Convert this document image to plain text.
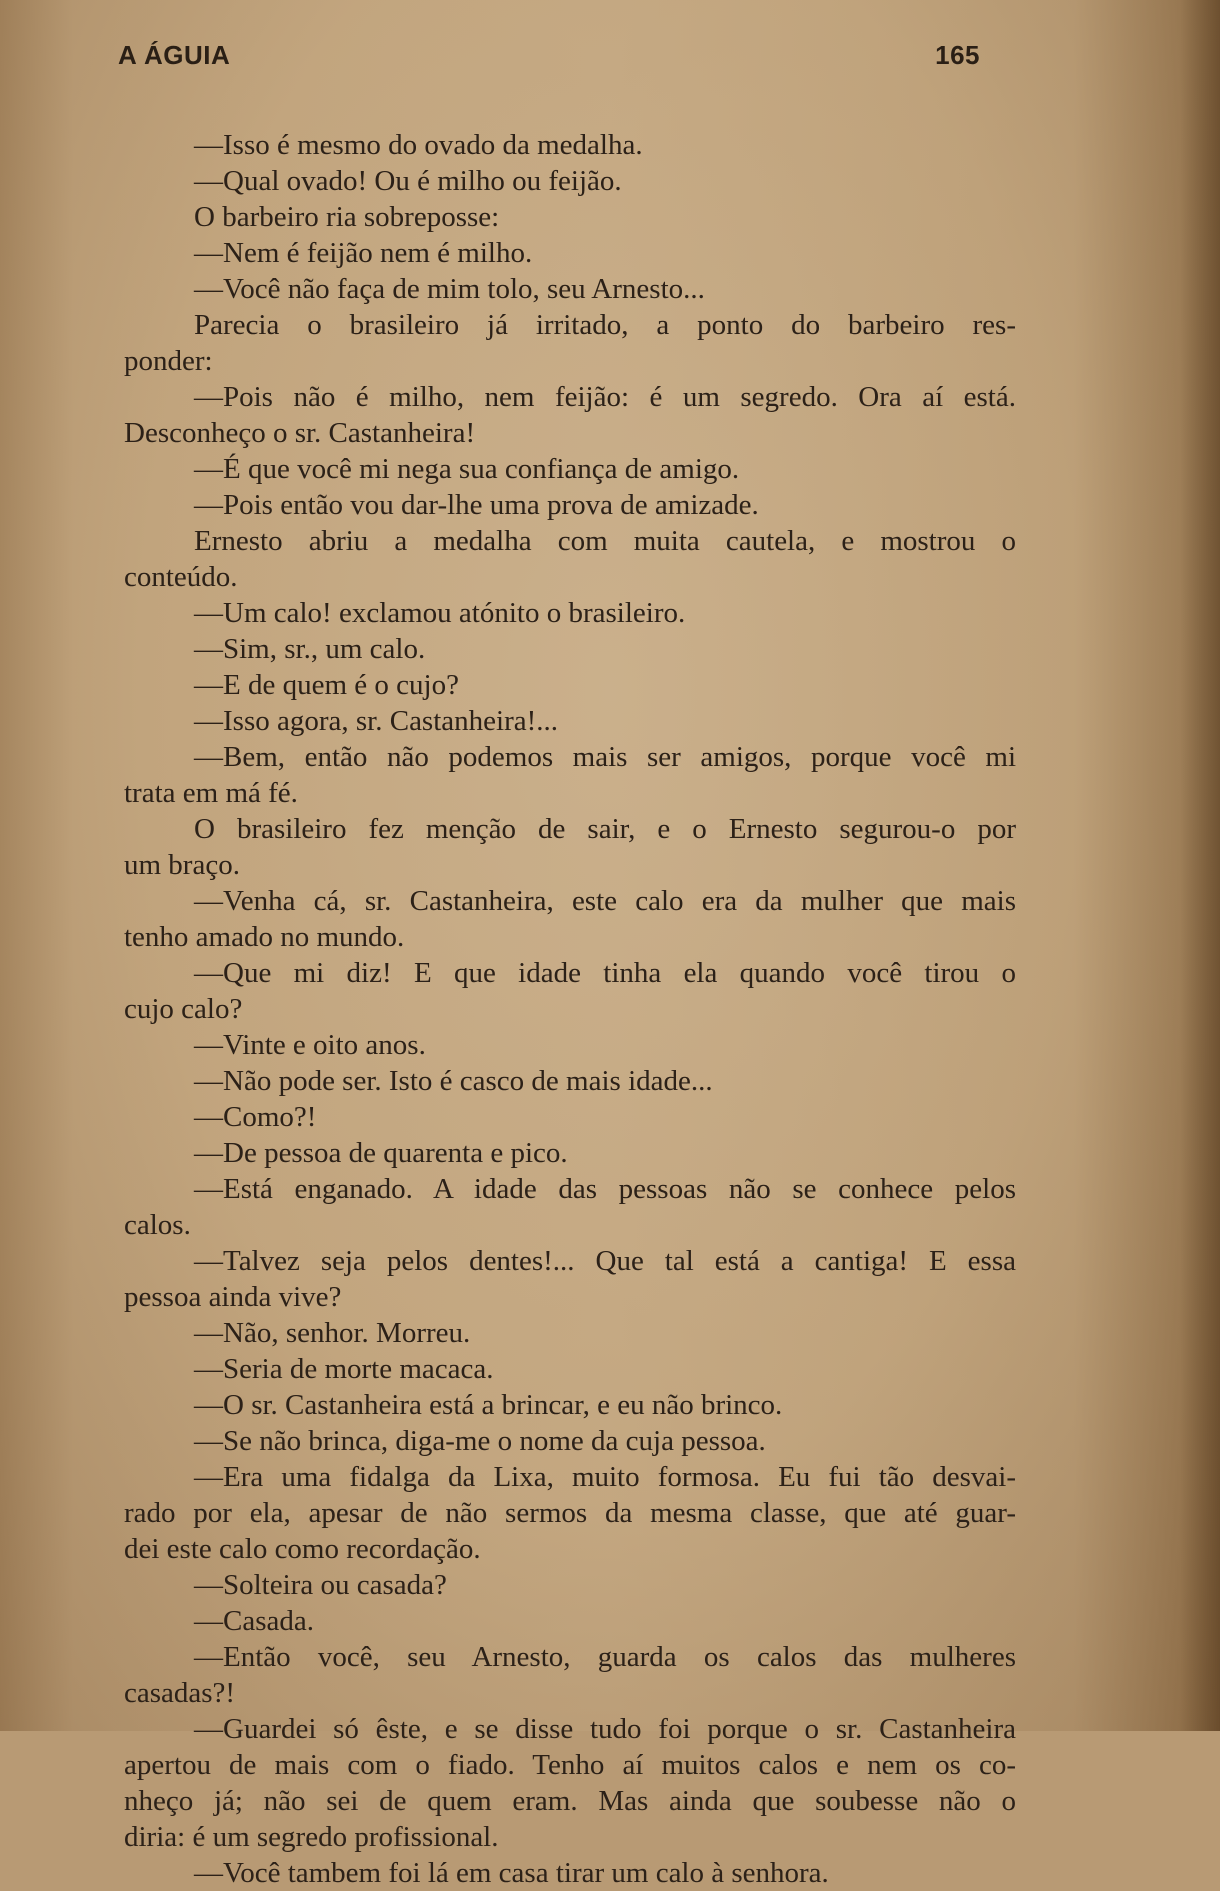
A ÁGUIA	165
—Isso é mesmo do ovado da medalha.
—Qual ovado! Ou é milho ou feijão.
O barbeiro ria sobreposse:
—Nem é feijão nem é milho.
—Você não faça de mim tolo, seu Arnesto...
Parecia o brasileiro já irritado, a ponto do barbeiro res-
ponder:
—Pois não é milho, nem feijão: é um segredo. Ora aí está.
Desconheço o sr. Castanheira!
—É que você mi nega sua confiança de amigo.
—Pois então vou dar-lhe uma prova de amizade.
Ernesto abriu a medalha com muita cautela, e mostrou o
conteúdo.
—Um calo! exclamou atónito o brasileiro.
—Sim, sr., um calo.
—E de quem é o cujo?
—Isso agora, sr. Castanheira!...
—Bem, então não podemos mais ser amigos, porque você mi
trata em má fé.
O brasileiro fez menção de sair, e o Ernesto segurou-o por
um braço.
—Venha cá, sr. Castanheira, este calo era da mulher que mais
tenho amado no mundo.
—Que mi diz! E que idade tinha ela quando você tirou o
cujo calo?
—Vinte e oito anos.
—Não pode ser. Isto é casco de mais idade...
—Como?!
—De pessoa de quarenta e pico.
—Está enganado. A idade das pessoas não se conhece pelos
calos.
—Talvez seja pelos dentes!... Que tal está a cantiga! E essa
pessoa ainda vive?
—Não, senhor. Morreu.
—Seria de morte macaca.
—O sr. Castanheira está a brincar, e eu não brinco.
—Se não brinca, diga-me o nome da cuja pessoa.
—Era uma fidalga da Lixa, muito formosa. Eu fui tão desvai-
rado por ela, apesar de não sermos da mesma classe, que até guar-
dei este calo como recordação.
—Solteira ou casada?
—Casada.
—Então você, seu Arnesto, guarda os calos das mulheres
casadas?!
—Guardei só êste, e se disse tudo foi porque o sr. Castanheira
apertou de mais com o fiado. Tenho aí muitos calos e nem os co-
nheço já; não sei de quem eram. Mas ainda que soubesse não o
diria: é um segredo profissional.
—Você tambem foi lá em casa tirar um calo à senhora.
